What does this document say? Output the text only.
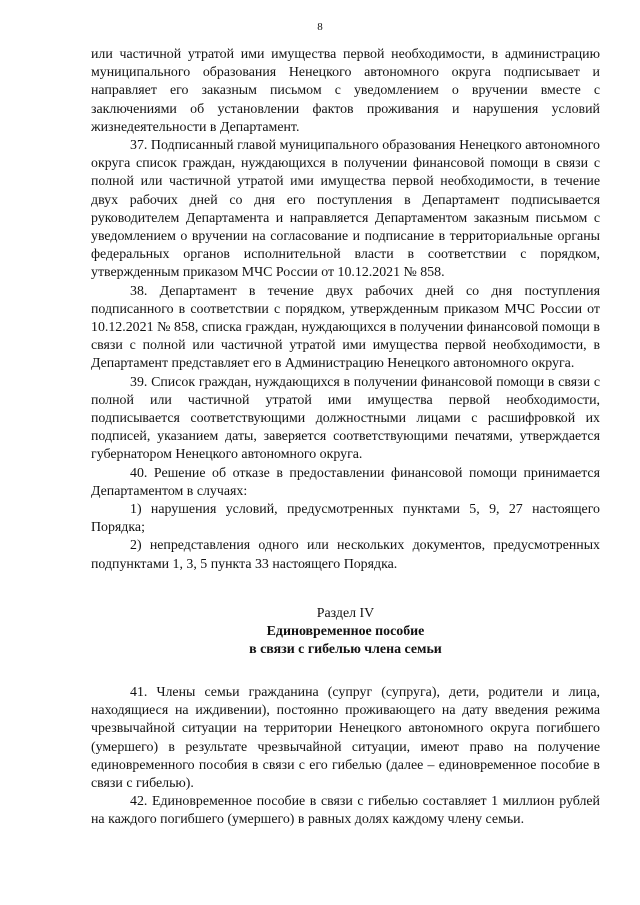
8

или частичной утратой ими имущества первой необходимости, в администрацию муниципального образования Ненецкого автономного округа подписывает и направляет его заказным письмом с уведомлением о вручении вместе с заключениями об установлении фактов проживания и нарушения условий жизнедеятельности в Департамент.

37. Подписанный главой муниципального образования Ненецкого автономного округа список граждан, нуждающихся в получении финансовой помощи в связи с полной или частичной утратой ими имущества первой необходимости, в течение двух рабочих дней со дня его поступления в Департамент подписывается руководителем Департамента и направляется Департаментом заказным письмом с уведомлением о вручении на согласование и подписание в территориальные органы федеральных органов исполнительной власти в соответствии с порядком, утвержденным приказом МЧС России от 10.12.2021 № 858.

38. Департамент в течение двух рабочих дней со дня поступления подписанного в соответствии с порядком, утвержденным приказом МЧС России от 10.12.2021 № 858, списка граждан, нуждающихся в получении финансовой помощи в связи с полной или частичной утратой ими имущества первой необходимости, в Департамент представляет его в Администрацию Ненецкого автономного округа.

39. Список граждан, нуждающихся в получении финансовой помощи в связи с полной или частичной утратой ими имущества первой необходимости, подписывается соответствующими должностными лицами с расшифровкой их подписей, указанием даты, заверяется соответствующими печатями, утверждается губернатором Ненецкого автономного округа.

40. Решение об отказе в предоставлении финансовой помощи принимается Департаментом в случаях:

1) нарушения условий, предусмотренных пунктами 5, 9, 27 настоящего Порядка;

2) непредставления одного или нескольких документов, предусмотренных подпунктами 1, 3, 5 пункта 33 настоящего Порядка.

Раздел IV

Единовременное пособие

в связи с гибелью члена семьи

41. Члены семьи гражданина (супруг (супруга), дети, родители и лица, находящиеся на иждивении), постоянно проживающего на дату введения режима чрезвычайной ситуации на территории Ненецкого автономного округа погибшего (умершего) в результате чрезвычайной ситуации, имеют право на получение единовременного пособия в связи с его гибелью (далее – единовременное пособие в связи с гибелью).

42. Единовременное пособие в связи с гибелью составляет 1 миллион рублей на каждого погибшего (умершего) в равных долях каждому члену семьи.
